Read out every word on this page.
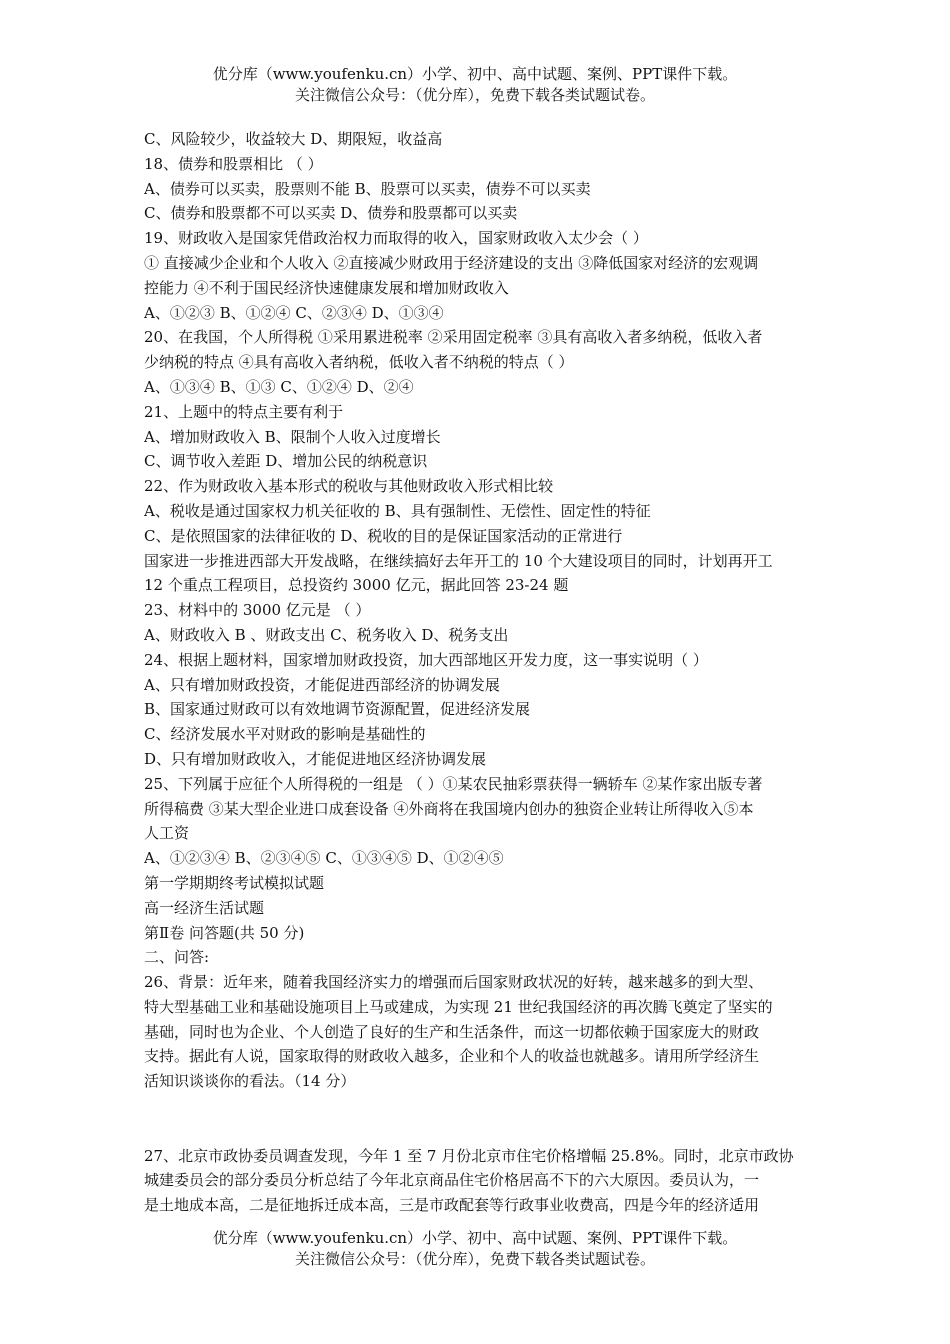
优分库（www.youfenku.cn）小学、初中、高中试题、案例、PPT课件下载。
关注微信公众号：（优分库），免费下载各类试题试卷。
C、风险较少，收益较大 D、期限短，收益高
18、债券和股票相比 （ ）
A、债券可以买卖，股票则不能 B、股票可以买卖，债券不可以买卖
C、债券和股票都不可以买卖 D、债券和股票都可以买卖
19、财政收入是国家凭借政治权力而取得的收入，国家财政收入太少会（ ）
① 直接减少企业和个人收入 ②直接减少财政用于经济建设的支出 ③降低国家对经济的宏观调
控能力 ④不利于国民经济快速健康发展和增加财政收入
A、①②③ B、①②④ C、②③④ D、①③④
20、在我国，个人所得税 ①采用累进税率 ②采用固定税率 ③具有高收入者多纳税，低收入者
少纳税的特点 ④具有高收入者纳税，低收入者不纳税的特点（ ）
A、①③④ B、①③ C、①②④ D、②④
21、上题中的特点主要有利于
A、增加财政收入 B、限制个人收入过度增长
C、调节收入差距 D、增加公民的纳税意识
22、作为财政收入基本形式的税收与其他财政收入形式相比较
A、税收是通过国家权力机关征收的 B、具有强制性、无偿性、固定性的特征
C、是依照国家的法律征收的 D、税收的目的是保证国家活动的正常进行
国家进一步推进西部大开发战略，在继续搞好去年开工的 10 个大建设项目的同时，计划再开工
12 个重点工程项目，总投资约 3000 亿元，据此回答 23-24 题
23、材料中的 3000 亿元是 （ ）
A、财政收入 B 、财政支出 C、税务收入 D、税务支出
24、根据上题材料，国家增加财政投资，加大西部地区开发力度，这一事实说明（ ）
A、只有增加财政投资，才能促进西部经济的协调发展
B、国家通过财政可以有效地调节资源配置，促进经济发展
C、经济发展水平对财政的影响是基础性的
D、只有增加财政收入，才能促进地区经济协调发展
25、下列属于应征个人所得税的一组是 （ ）①某农民抽彩票获得一辆轿车 ②某作家出版专著
所得稿费 ③某大型企业进口成套设备 ④外商将在我国境内创办的独资企业转让所得收入⑤本
人工资
A、①②③④ B、②③④⑤ C、①③④⑤ D、①②④⑤
第一学期期终考试模拟试题
高一经济生活试题
第Ⅱ卷 问答题(共 50 分)
二、问答:
26、背景：近年来，随着我国经济实力的增强而后国家财政状况的好转，越来越多的到大型、
特大型基础工业和基础设施项目上马或建成，为实现 21 世纪我国经济的再次腾飞奠定了坚实的
基础，同时也为企业、个人创造了良好的生产和生活条件，而这一切都依赖于国家庞大的财政
支持。据此有人说，国家取得的财政收入越多，企业和个人的收益也就越多。请用所学经济生
活知识谈谈你的看法。（14 分）
27、北京市政协委员调查发现，今年 1 至 7 月份北京市住宅价格增幅 25.8%。同时，北京市政协
城建委员会的部分委员分析总结了今年北京商品住宅价格居高不下的六大原因。委员认为，一
是土地成本高，二是征地拆迁成本高，三是市政配套等行政事业收费高，四是今年的经济适用
优分库（www.youfenku.cn）小学、初中、高中试题、案例、PPT课件下载。
关注微信公众号：（优分库），免费下载各类试题试卷。
